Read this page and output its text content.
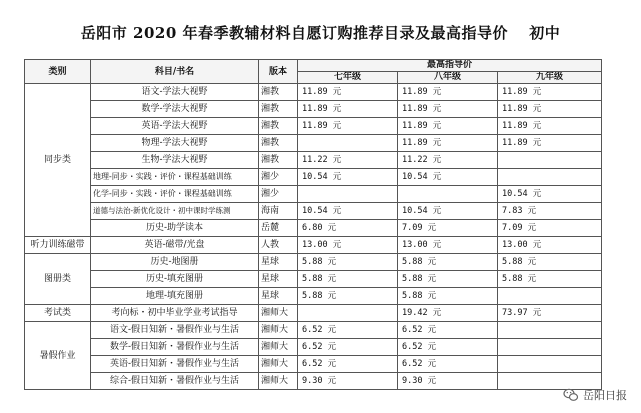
岳阳市 2020 年春季教辅材料自愿订购推荐目录及最高指导价　 初中
类别	科目/书名	版本	最高指导价		
			七年级	八年级	九年级
同步类	语文-学法大视野	湘教	11.89 元	11.89 元	11.89 元
	数学-学法大视野	湘教	11.89 元	11.89 元	11.89 元
	英语-学法大视野	湘教	11.89 元	11.89 元	11.89 元
	物理-学法大视野	湘教		11.89 元	11.89 元
	生物-学法大视野	湘教	11.22 元	11.22 元	
	地理-同步・实践・评价・课程基础训练	湘少	10.54 元	10.54 元	
	化学-同步・实践・评价・课程基础训练	湘少			10.54 元
	道德与法治-新优化设计・初中课时学练测	海南	10.54 元	10.54 元	7.83 元
	历史-助学读本	岳麓	6.80 元	7.09 元	7.09 元
听力训练磁带	英语-磁带/光盘	人教	13.00 元	13.00 元	13.00 元
图册类	历史-地图册	星球	5.88 元	5.88 元	5.88 元
	历史-填充图册	星球	5.88 元	5.88 元	5.88 元
	地理-填充图册	星球	5.88 元	5.88 元	
考试类	考向标・初中毕业学业考试指导	湘师大		19.42 元	73.97 元
暑假作业	语文-假日知新・暑假作业与生活	湘师大	6.52 元	6.52 元	
	数学-假日知新・暑假作业与生活	湘师大	6.52 元	6.52 元	
	英语-假日知新・暑假作业与生活	湘师大	6.52 元	6.52 元	
	综合-假日知新・暑假作业与生活	湘师大	9.30 元	9.30 元	
岳阳日报
